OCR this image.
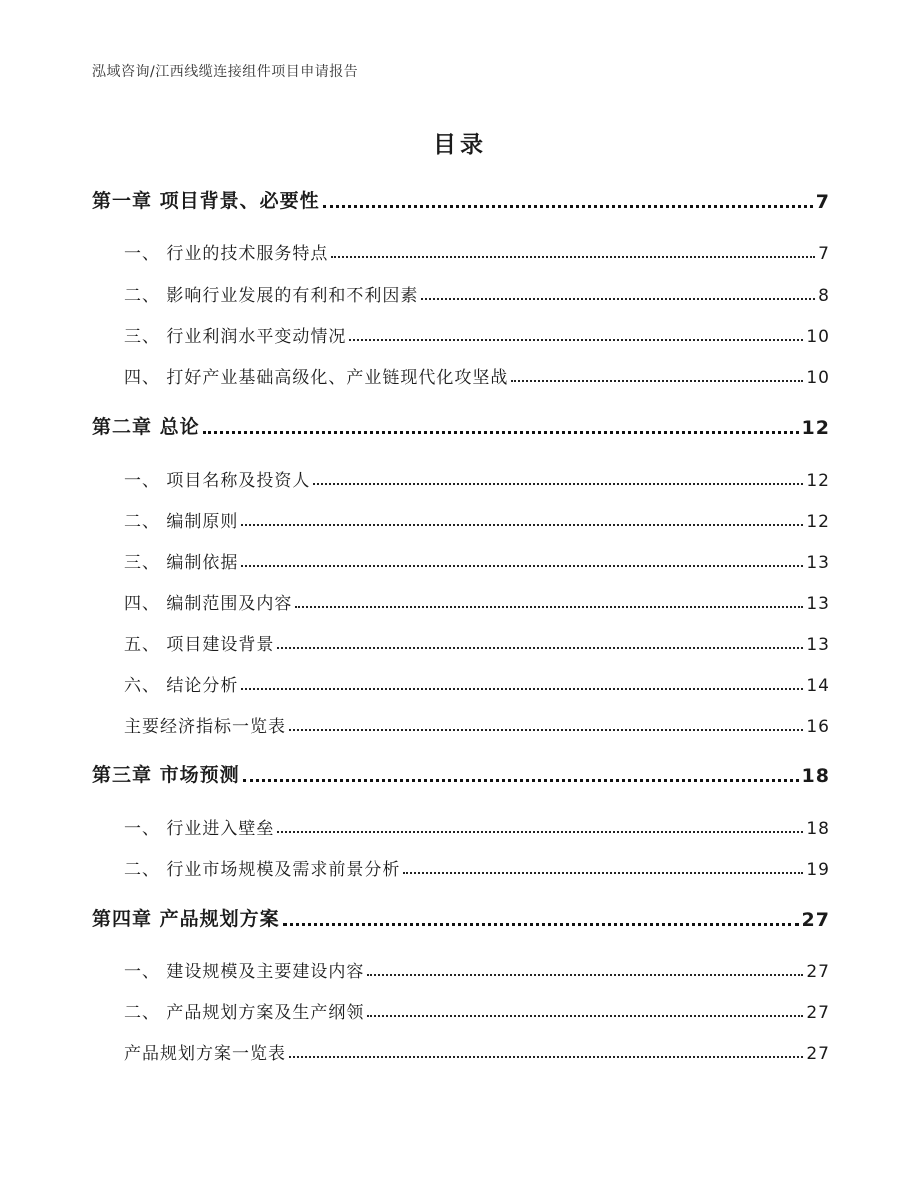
泓域咨询/江西线缆连接组件项目申请报告
目录
第一章 项目背景、必要性	7
一、 行业的技术服务特点	7
二、 影响行业发展的有利和不利因素	8
三、 行业利润水平变动情况	10
四、 打好产业基础高级化、产业链现代化攻坚战	10
第二章 总论	12
一、 项目名称及投资人	12
二、 编制原则	12
三、 编制依据	13
四、 编制范围及内容	13
五、 项目建设背景	13
六、 结论分析	14
主要经济指标一览表	16
第三章 市场预测	18
一、 行业进入壁垒	18
二、 行业市场规模及需求前景分析	19
第四章 产品规划方案	27
一、 建设规模及主要建设内容	27
二、 产品规划方案及生产纲领	27
产品规划方案一览表	27
